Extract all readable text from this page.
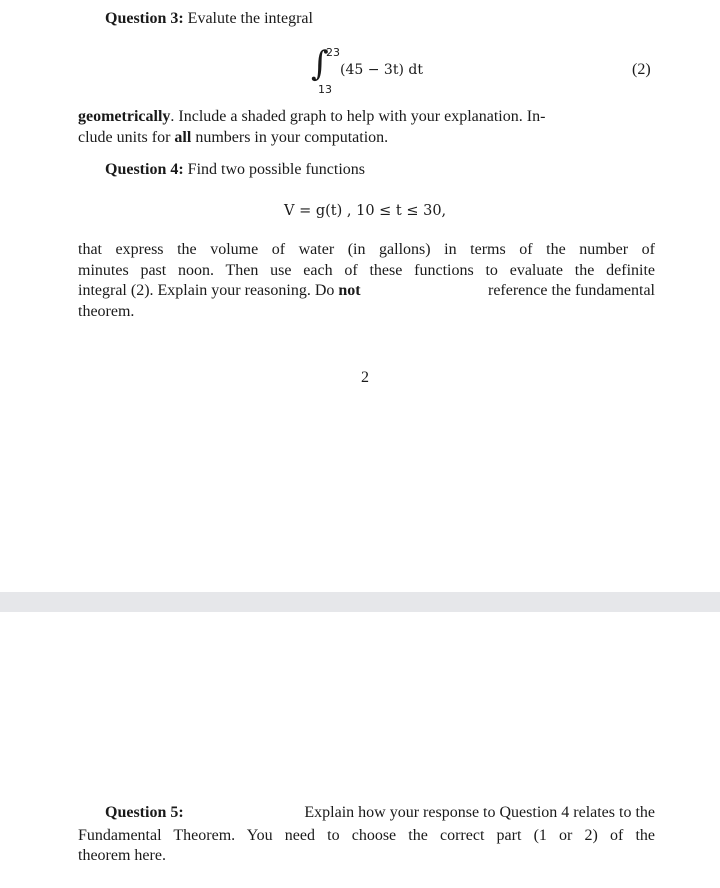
Question 3: Evalute the integral
∫
23
13
(45 − 3t) dt	(2)
geometrically. Include a shaded graph to help with your explanation. In-
clude units for all numbers in your computation.
Question 4: Find two possible functions
V = g(t) , 10 ≤ t ≤ 30,
that express the volume of water (in gallons) in terms of the number of
minutes past noon. Then use each of these functions to evaluate the definite
integral (2). Explain your reasoning. Do not	reference the fundamental
theorem.
2
Question 5:	Explain how your response to Question 4 relates to the
Fundamental Theorem. You need to choose the correct part (1 or 2) of the
theorem here.
